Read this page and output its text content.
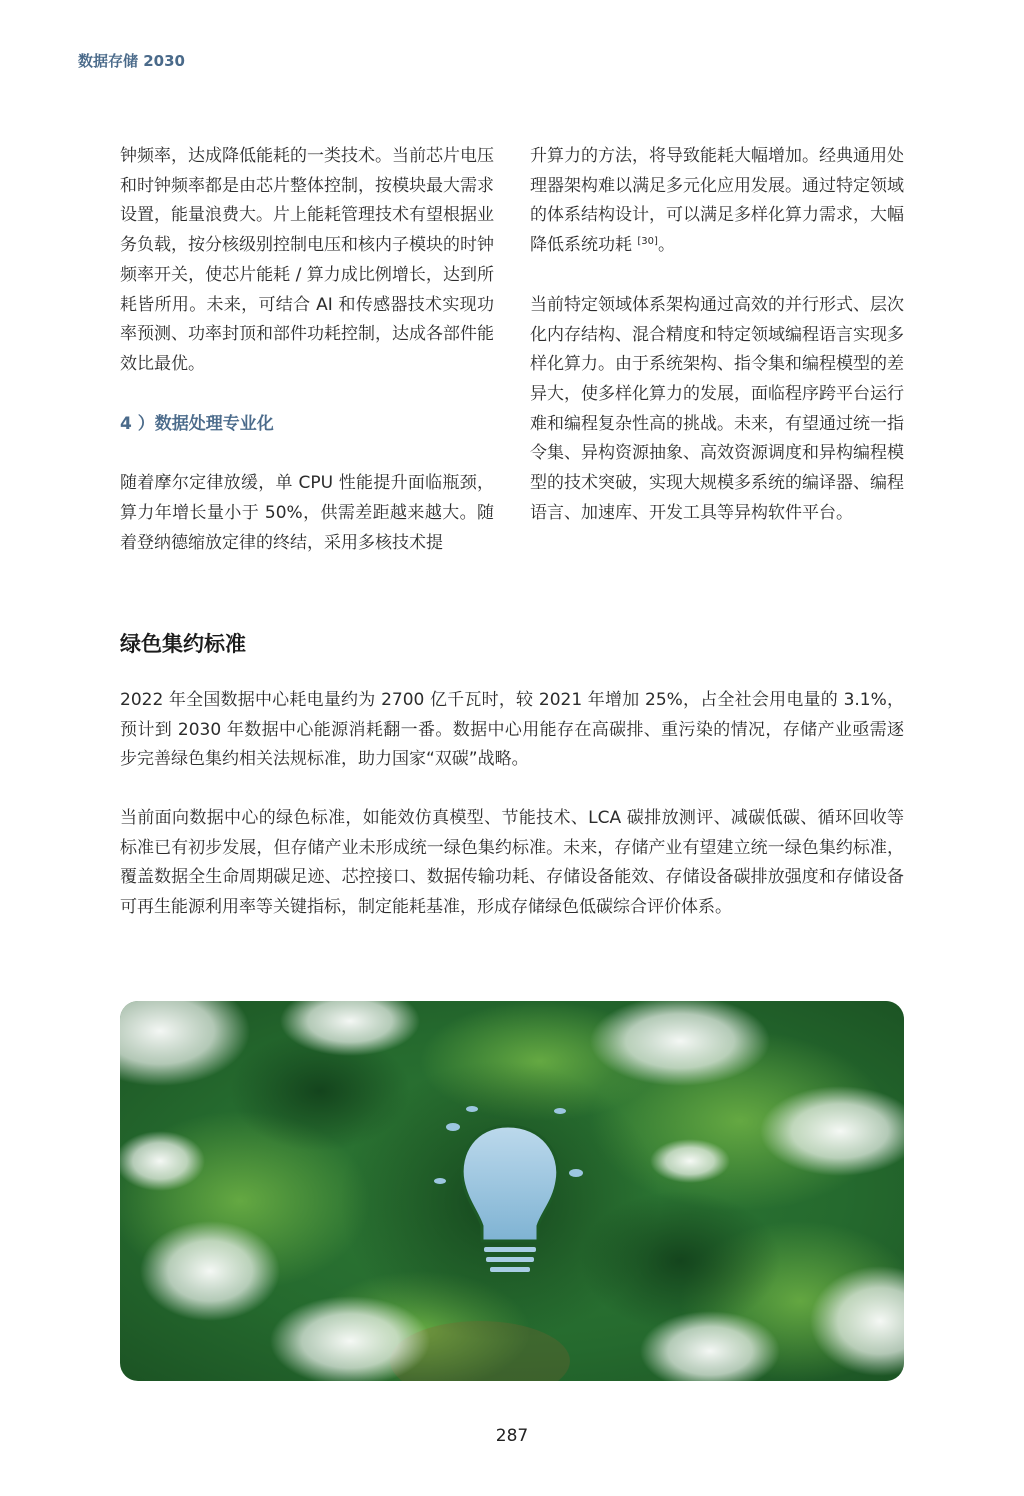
数据存储 2030

钟频率，达成降低能耗的一类技术。当前芯片电压和时钟频率都是由芯片整体控制，按模块最大需求设置，能量浪费大。片上能耗管理技术有望根据业务负载，按分核级别控制电压和核内子模块的时钟频率开关，使芯片能耗 / 算力成比例增长，达到所耗皆所用。未来，可结合 AI 和传感器技术实现功率预测、功率封顶和部件功耗控制，达成各部件能效比最优。

4 ）数据处理专业化

随着摩尔定律放缓，单 CPU 性能提升面临瓶颈，算力年增长量小于 50%，供需差距越来越大。随着登纳德缩放定律的终结，采用多核技术提

升算力的方法，将导致能耗大幅增加。经典通用处理器架构难以满足多元化应用发展。通过特定领域的体系结构设计，可以满足多样化算力需求，大幅降低系统功耗 [30]。

当前特定领域体系架构通过高效的并行形式、层次化内存结构、混合精度和特定领域编程语言实现多样化算力。由于系统架构、指令集和编程模型的差异大，使多样化算力的发展，面临程序跨平台运行难和编程复杂性高的挑战。未来，有望通过统一指令集、异构资源抽象、高效资源调度和异构编程模型的技术突破，实现大规模多系统的编译器、编程语言、加速库、开发工具等异构软件平台。

绿色集约标准

2022 年全国数据中心耗电量约为 2700 亿千瓦时，较 2021 年增加 25%，占全社会用电量的 3.1%，预计到 2030 年数据中心能源消耗翻一番。数据中心用能存在高碳排、重污染的情况，存储产业亟需逐步完善绿色集约相关法规标准，助力国家“双碳”战略。

当前面向数据中心的绿色标准，如能效仿真模型、节能技术、LCA 碳排放测评、减碳低碳、循环回收等标准已有初步发展，但存储产业未形成统一绿色集约标准。未来，存储产业有望建立统一绿色集约标准，覆盖数据全生命周期碳足迹、芯控接口、数据传输功耗、存储设备能效、存储设备碳排放强度和存储设备可再生能源利用率等关键指标，制定能耗基准，形成存储绿色低碳综合评价体系。

287
